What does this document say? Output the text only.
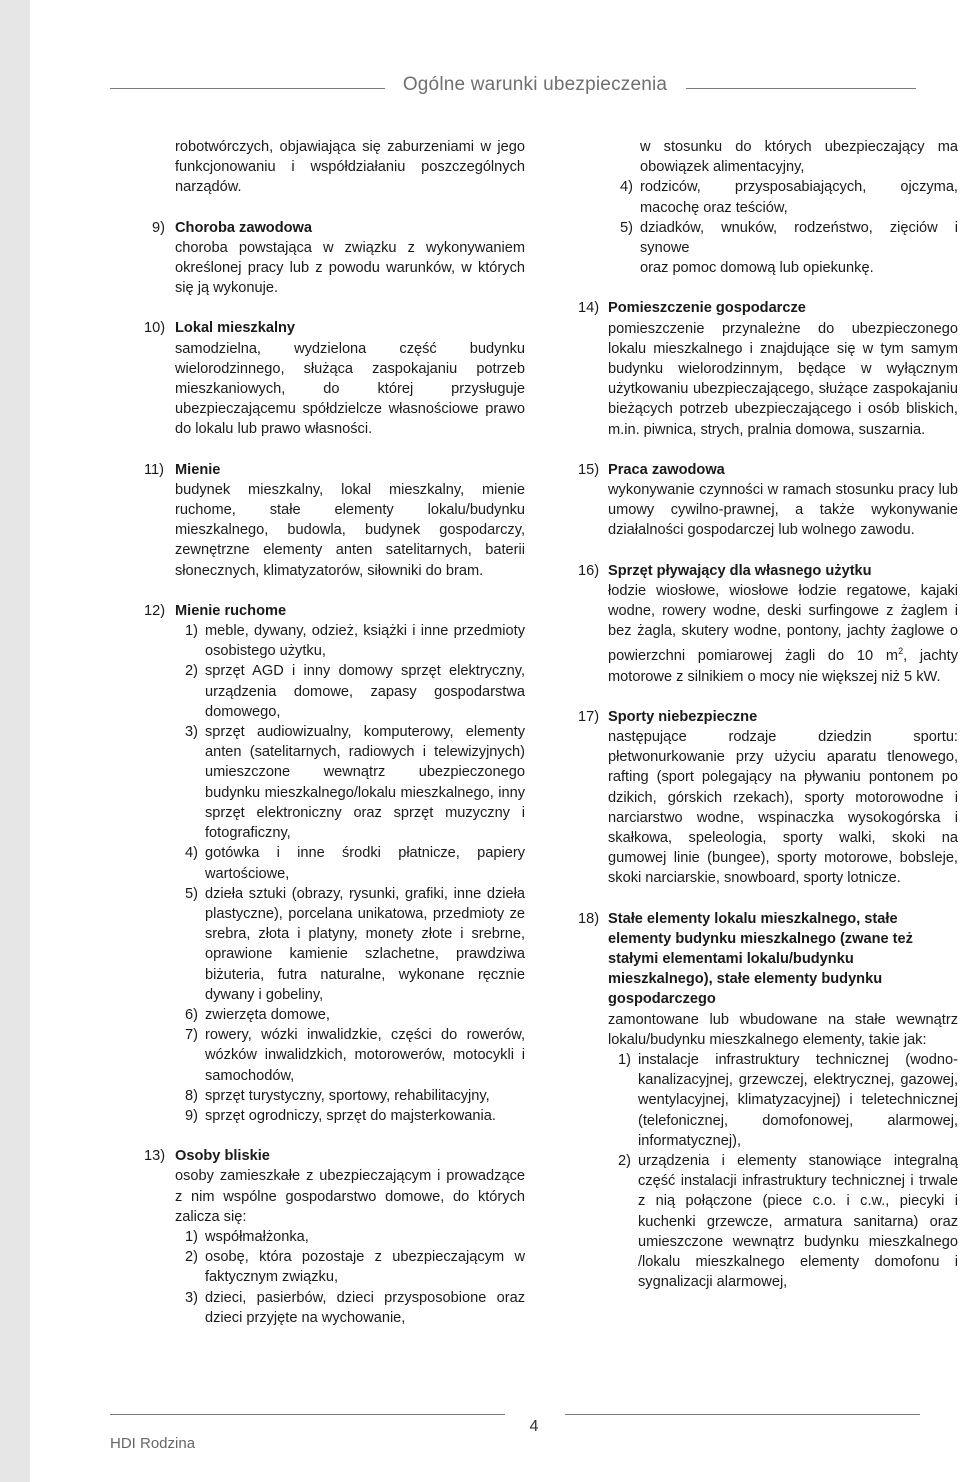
Ogólne warunki ubezpieczenia

robotwórczych, objawiająca się zaburzeniami w jego funkcjonowaniu i współdziałaniu poszczególnych narządów.

9) Choroba zawodowa

choroba powstająca w związku z wykonywaniem określonej pracy lub z powodu warunków, w których się ją wykonuje.

10) Lokal mieszkalny

samodzielna, wydzielona część budynku wielorodzinnego, służąca zaspokajaniu potrzeb mieszkaniowych, do której przysługuje ubezpieczającemu spółdzielcze własnościowe prawo do lokalu lub prawo własności.

11) Mienie

budynek mieszkalny, lokal mieszkalny, mienie ruchome, stałe elementy lokalu/budynku mieszkalnego, budowla, budynek gospodarczy, zewnętrzne elementy anten satelitarnych, baterii słonecznych, klimatyzatorów, siłowniki do bram.

12) Mienie ruchome
1) meble, dywany, odzież, książki i inne przedmioty osobistego użytku,
2) sprzęt AGD i inny domowy sprzęt elektryczny, urządzenia domowe, zapasy gospodarstwa domowego,
3) sprzęt audiowizualny, komputerowy, elementy anten (satelitarnych, radiowych i telewizyjnych) umieszczone wewnątrz ubezpieczonego budynku mieszkalnego/lokalu mieszkalnego, inny sprzęt elektroniczny oraz sprzęt muzyczny i fotograficzny,
4) gotówka i inne środki płatnicze, papiery wartościowe,
5) dzieła sztuki (obrazy, rysunki, grafiki, inne dzieła plastyczne), porcelana unikatowa, przedmioty ze srebra, złota i platyny, monety złote i srebrne, oprawione kamienie szlachetne, prawdziwa biżuteria, futra naturalne, wykonane ręcznie dywany i gobeliny,
6) zwierzęta domowe,
7) rowery, wózki inwalidzkie, części do rowerów, wózków inwalidzkich, motorowerów, motocykli i samochodów,
8) sprzęt turystyczny, sportowy, rehabilitacyjny,
9) sprzęt ogrodniczy, sprzęt do majsterkowania.
13) Osoby bliskie

osoby zamieszkałe z ubezpieczającym i prowadzące z nim wspólne gospodarstwo domowe, do których zalicza się:

1) współmałżonka,
2) osobę, która pozostaje z ubezpieczającym w faktycznym związku,
3) dzieci, pasierbów, dzieci przysposobione oraz dzieci przyjęte na wychowanie,

w stosunku do których ubezpieczający ma obowiązek alimentacyjny,

4) rodziców, przysposabiających, ojczyma, macochę oraz teściów,
5) dziadków, wnuków, rodzeństwo, zięciów i synowe

oraz pomoc domową lub opiekunkę.

14) Pomieszczenie gospodarcze

pomieszczenie przynależne do ubezpieczonego lokalu mieszkalnego i znajdujące się w tym samym budynku wielorodzinnym, będące w wyłącznym użytkowaniu ubezpieczającego, służące zaspokajaniu bieżących potrzeb ubezpieczającego i osób bliskich, m.in. piwnica, strych, pralnia domowa, suszarnia.

15) Praca zawodowa

wykonywanie czynności w ramach stosunku pracy lub umowy cywilno-prawnej, a także wykonywanie działalności gospodarczej lub wolnego zawodu.

16) Sprzęt pływający dla własnego użytku

łodzie wiosłowe, wiosłowe łodzie regatowe, kajaki wodne, rowery wodne, deski surfingowe z żaglem i bez żagla, skutery wodne, pontony, jachty żaglowe o powierzchni pomiarowej żagli do 10 $m^2$, jachty motorowe z silnikiem o mocy nie większej niż 5 kW.

17) Sporty niebezpieczne

następujące rodzaje dziedzin sportu: płetwonurkowanie przy użyciu aparatu tlenowego, rafting (sport polegający na pływaniu pontonem po dzikich, górskich rzekach), sporty motorowodne i narciarstwo wodne, wspinaczka wysokogórska i skałkowa, speleologia, sporty walki, skoki na gumowej linie (bungee), sporty motorowe, bobsleje, skoki narciarskie, snowboard, sporty lotnicze.

18) Stałe elementy lokalu mieszkalnego, stałe elementy budynku mieszkalnego (zwane też stałymi elementami lokalu/budynku mieszkalnego), stałe elementy budynku gospodarczego

zamontowane lub wbudowane na stałe wewnątrz lokalu/budynku mieszkalnego elementy, takie jak:

1) instalacje infrastruktury technicznej (wodno-kanalizacyjnej, grzewczej, elektrycznej, gazowej, wentylacyjnej, klimatyzacyjnej) i teletechnicznej (telefonicznej, domofonowej, alarmowej, informatycznej),
2) urządzenia i elementy stanowiące integralną część instalacji infrastruktury technicznej i trwale z nią połączone (piece c.o. i c.w., piecyki i kuchenki grzewcze, armatura sanitarna) oraz umieszczone wewnątrz budynku mieszkalnego /lokalu mieszkalnego elementy domofonu i sygnalizacji alarmowej,
4
HDI Rodzina
